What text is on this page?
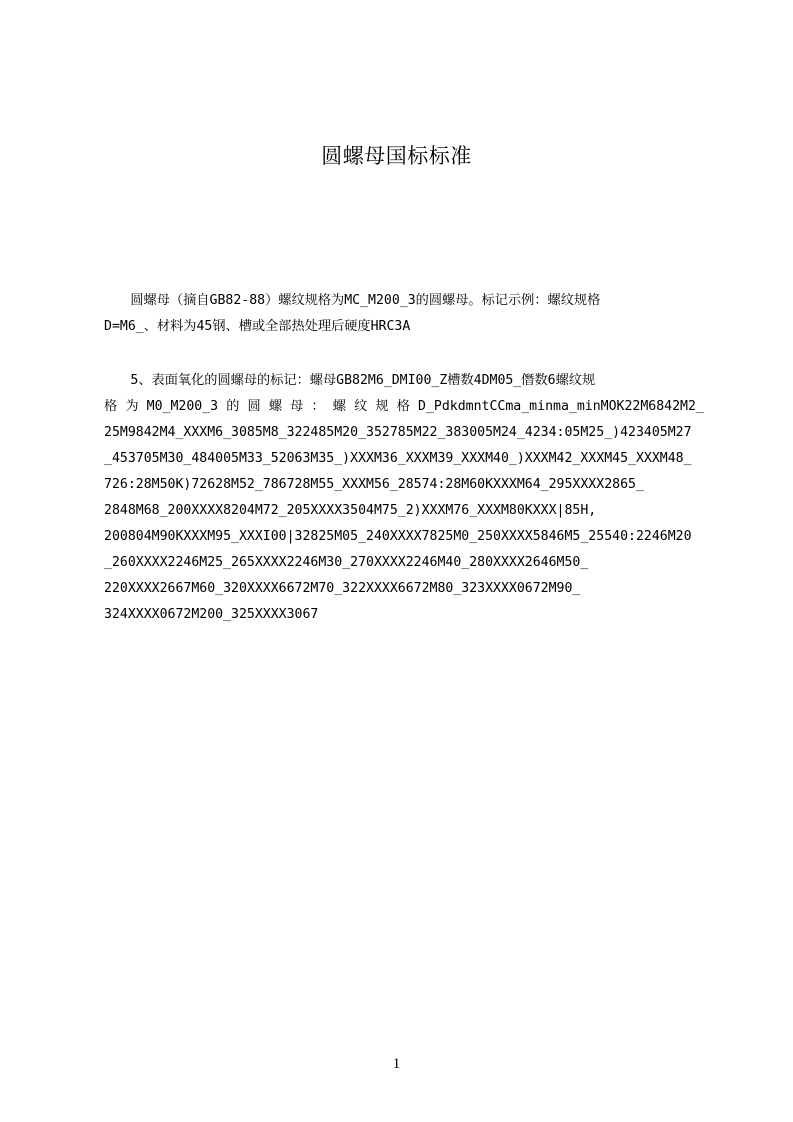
圆螺母国标标准
　　圆螺母（摘自GB82-88）螺纹规格为MC_M200_3的圆螺母。标记示例：螺纹规格
D=M6_、材料为45钢、槽或全部热处理后硬度HRC3A
　　5、表面氧化的圆螺母的标记：螺母GB82M6_DMI00_Z槽数4DM05_僭数6螺纹规
格 为 M0_M200_3 的 圆 螺 母 ： 螺 纹 规 格 D_PdkdmntCCma_minma_minMOK22M6842M2_
25M9842M4_XXXM6_3085M8_322485M20_352785M22_383005M24_4234:05M25_)423405M27
_453705M30_484005M33_52063M35_)XXXM36_XXXM39_XXXM40_)XXXM42_XXXM45_XXXM48_
726:28M50K)72628M52_786728M55_XXXM56_28574:28M60KXXXM64_295XXXX2865_
2848M68_200XXXX8204M72_205XXXX3504M75_2)XXXM76_XXXM80KXXX|85H,
200804M90KXXXM95_XXXI00|32825M05_240XXXX7825M0_250XXXX5846M5_25540:2246M20
_260XXXX2246M25_265XXXX2246M30_270XXXX2246M40_280XXXX2646M50_
220XXXX2667M60_320XXXX6672M70_322XXXX6672M80_323XXXX0672M90_
324XXXX0672M200_325XXXX3067
1
